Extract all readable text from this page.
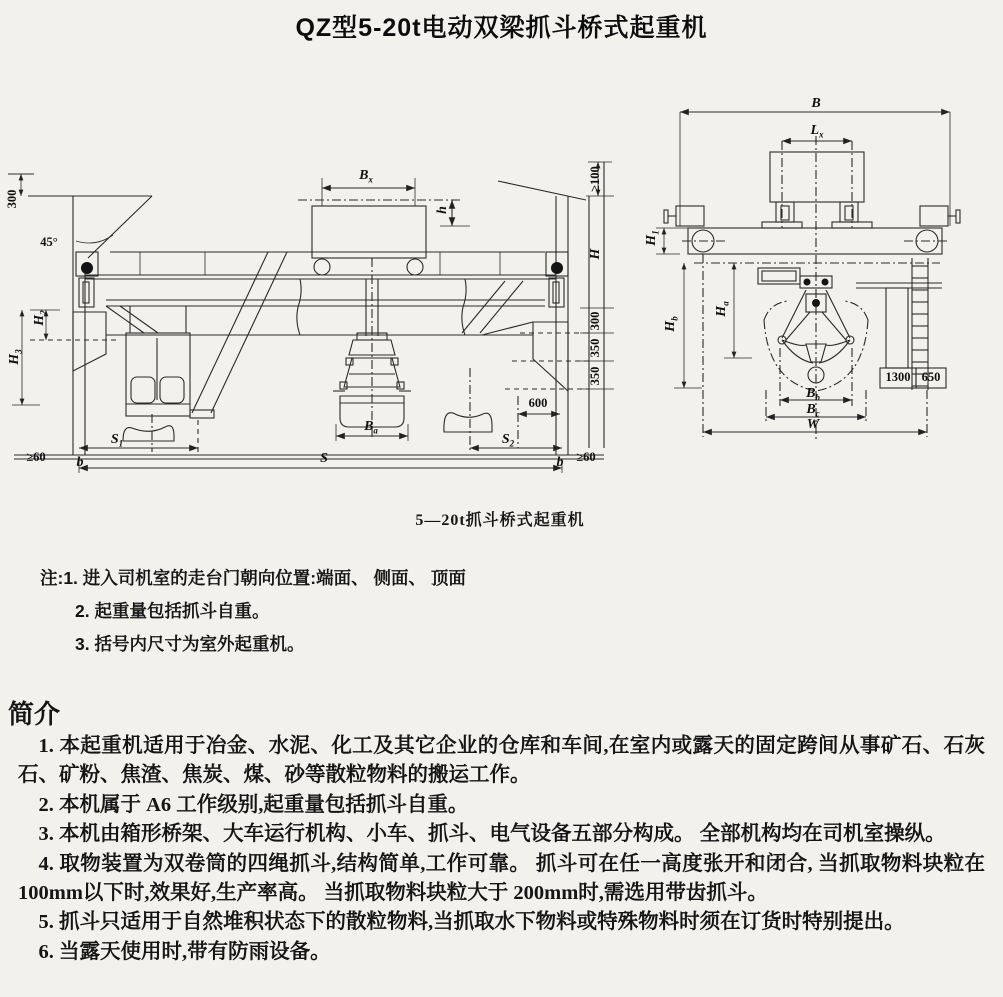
QZ型5-20t电动双梁抓斗桥式起重机
300
45°
$H_2$
$H_3$
≥60 b
$S_1$
S
$B_x$
h
$B_a$
$S_2$
600
b ≥60
≥100
H
300
350
350
B
$L_x$
$H_1$
$H_b$
$H_a$
1300 650
$B_b$
$B_c$
W
5—20t抓斗桥式起重机
注:1. 进入司机室的走台门朝向位置:端面、 侧面、 顶面
2. 起重量包括抓斗自重。
3. 括号内尺寸为室外起重机。
简介

1. 本起重机适用于冶金、水泥、化工及其它企业的仓库和车间,在室内或露天的固定跨间从事矿石、石灰石、矿粉、焦渣、焦炭、煤、砂等散粒物料的搬运工作。

2. 本机属于 A6 工作级别,起重量包括抓斗自重。

3. 本机由箱形桥架、大车运行机构、小车、抓斗、电气设备五部分构成。 全部机构均在司机室操纵。

4. 取物装置为双卷筒的四绳抓斗,结构简单,工作可靠。 抓斗可在任一高度张开和闭合, 当抓取物料块粒在 100mm以下时,效果好,生产率高。 当抓取物料块粒大于 200mm时,需选用带齿抓斗。

5. 抓斗只适用于自然堆积状态下的散粒物料,当抓取水下物料或特殊物料时须在订货时特别提出。

6. 当露天使用时,带有防雨设备。
